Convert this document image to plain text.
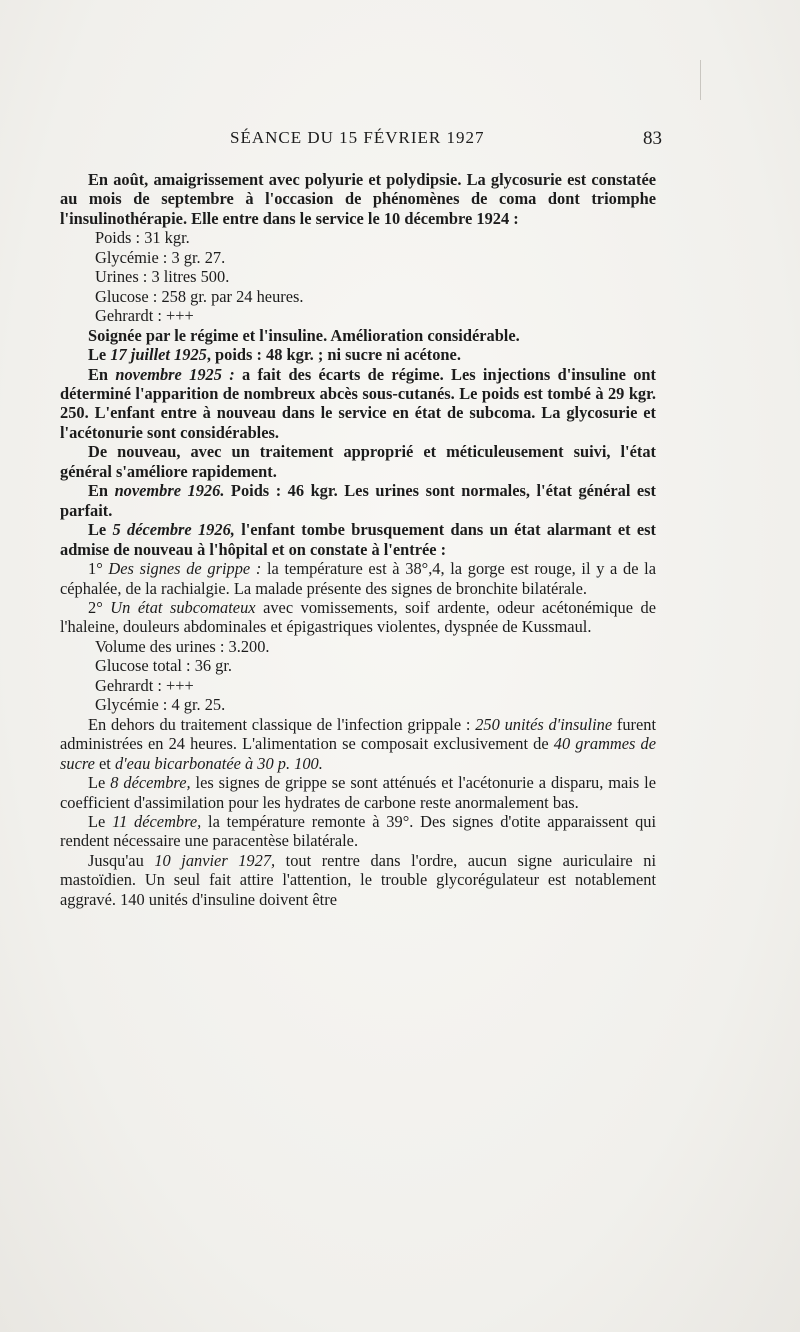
SÉANCE DU 15 FÉVRIER 1927	83

En août, amaigrissement avec polyurie et polydipsie. La glycosurie est constatée au mois de septembre à l'occasion de phénomènes de coma dont triomphe l'insulinothérapie. Elle entre dans le service le 10 décembre 1924 :

Poids : 31 kgr.

Glycémie : 3 gr. 27.

Urines : 3 litres 500.

Glucose : 258 gr. par 24 heures.

Gehrardt : +++

Soignée par le régime et l'insuline. Amélioration considérable.

Le 17 juillet 1925, poids : 48 kgr. ; ni sucre ni acétone.

En novembre 1925 : a fait des écarts de régime. Les injections d'insuline ont déterminé l'apparition de nombreux abcès sous-cutanés. Le poids est tombé à 29 kgr. 250. L'enfant entre à nouveau dans le service en état de subcoma. La glycosurie et l'acétonurie sont considérables.

De nouveau, avec un traitement approprié et méticuleusement suivi, l'état général s'améliore rapidement.

En novembre 1926. Poids : 46 kgr. Les urines sont normales, l'état général est parfait.

Le 5 décembre 1926, l'enfant tombe brusquement dans un état alarmant et est admise de nouveau à l'hôpital et on constate à l'entrée :

1° Des signes de grippe : la température est à 38°,4, la gorge est rouge, il y a de la céphalée, de la rachialgie. La malade présente des signes de bronchite bilatérale.

2° Un état subcomateux avec vomissements, soif ardente, odeur acétonémique de l'haleine, douleurs abdominales et épigastriques violentes, dyspnée de Kussmaul.

Volume des urines : 3.200.

Glucose total : 36 gr.

Gehrardt : +++

Glycémie : 4 gr. 25.

En dehors du traitement classique de l'infection grippale : 250 unités d'insuline furent administrées en 24 heures. L'alimentation se composait exclusivement de 40 grammes de sucre et d'eau bicarbonatée à 30 p. 100.

Le 8 décembre, les signes de grippe se sont atténués et l'acétonurie a disparu, mais le coefficient d'assimilation pour les hydrates de carbone reste anormalement bas.

Le 11 décembre, la température remonte à 39°. Des signes d'otite apparaissent qui rendent nécessaire une paracentèse bilatérale.

Jusqu'au 10 janvier 1927, tout rentre dans l'ordre, aucun signe auriculaire ni mastoïdien. Un seul fait attire l'attention, le trouble glycorégulateur est notablement aggravé. 140 unités d'insuline doivent être
